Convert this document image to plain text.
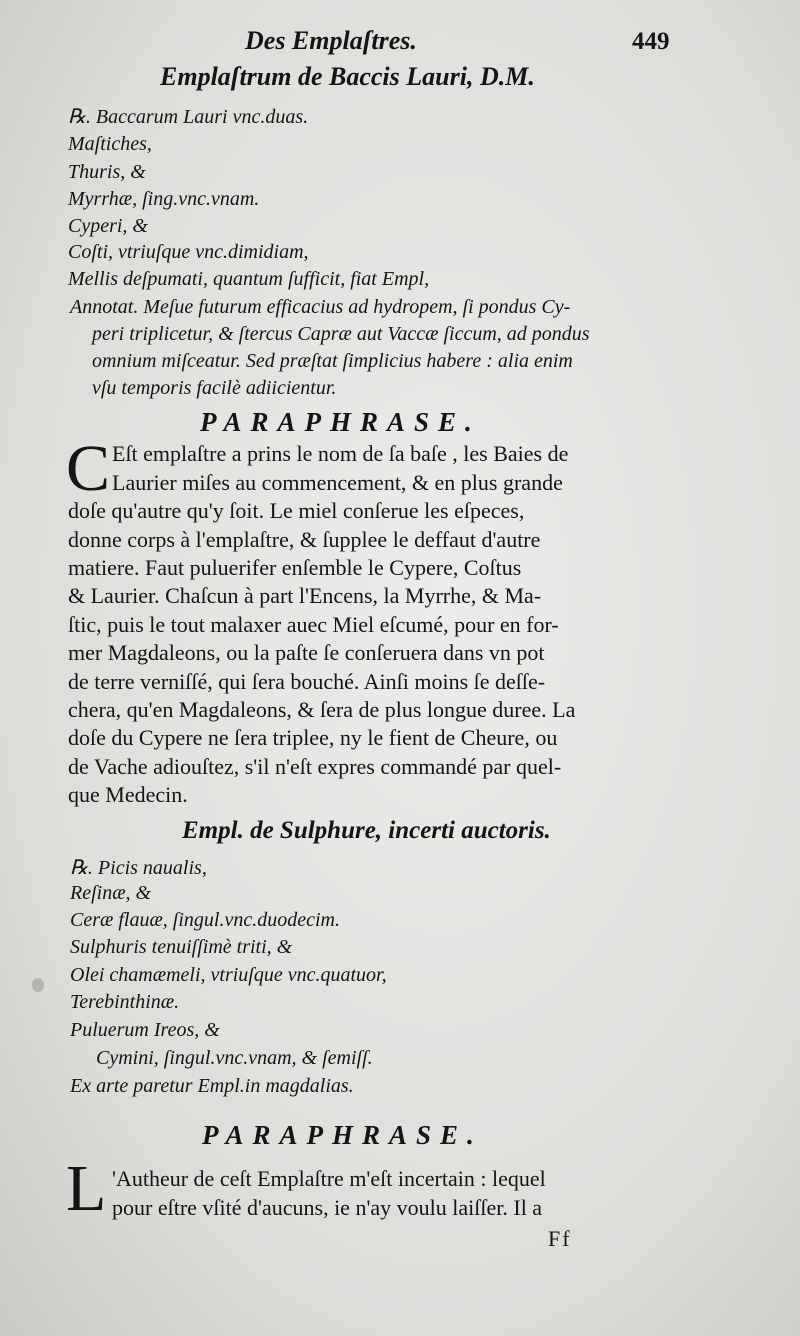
Des Emplaſtres.	449
Emplaſtrum de Baccis Lauri, D.M.
℞. Baccarum Lauri vnc.duas.
Maſtiches,
Thuris, &
Myrrhæ, ſing.vnc.vnam.
Cyperi, &
Coſti, vtriuſque vnc.dimidiam,
Mellis deſpumati, quantum ſufficit, fiat Empl,
Annotat. Meſue futurum efficacius ad hydropem, ſi pondus Cy-
peri triplicetur, & ſtercus Capræ aut Vaccæ ſiccum, ad pondus
omnium miſceatur. Sed præſtat ſimplicius habere : alia enim
vſu temporis facilè adiicientur.
PARAPHRASE.
C Eſt emplaſtre a prins le nom de ſa baſe , les Baies de
Laurier miſes au commencement, & en plus grande
doſe qu'autre qu'y ſoit. Le miel conſerue les eſpeces,
donne corps à l'emplaſtre, & ſupplee le deffaut d'autre
matiere. Faut puluerifer enſemble le Cypere, Coſtus
& Laurier. Chaſcun à part l'Encens, la Myrrhe, & Ma-
ſtic, puis le tout malaxer auec Miel eſcumé, pour en for-
mer Magdaleons, ou la paſte ſe conſeruera dans vn pot
de terre verniſſé, qui ſera bouché. Ainſi moins ſe deſſe-
chera, qu'en Magdaleons, & ſera de plus longue duree. La
doſe du Cypere ne ſera triplee, ny le fient de Cheure, ou
de Vache adiouſtez, s'il n'eſt expres commandé par quel-
que Medecin.
Empl. de Sulphure, incerti auctoris.
℞. Picis naualis,
Reſinæ, &
Ceræ flauæ, ſingul.vnc.duodecim.
Sulphuris tenuiſſimè triti, &
Olei chamæmeli, vtriuſque vnc.quatuor,
Terebinthinæ.
Puluerum Ireos, &
Cymini, ſingul.vnc.vnam, & ſemiſſ.
Ex arte paretur Empl.in magdalias.
PARAPHRASE.
L 'Autheur de ceſt Emplaſtre m'eſt incertain : lequel
pour eſtre vſité d'aucuns, ie n'ay voulu laiſſer. Il a
Ff
